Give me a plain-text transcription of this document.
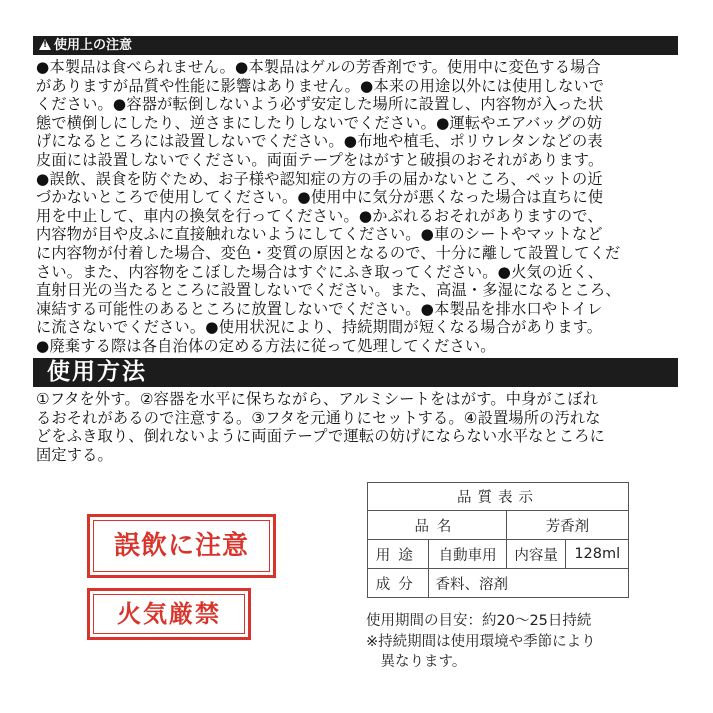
!使用上の注意

●本製品は食べられません。●本製品はゲルの芳香剤です。使用中に変色する場合
がありますが品質や性能に影響はありません。●本来の用途以外には使用しないで
ください。●容器が転倒しないよう必ず安定した場所に設置し、内容物が入った状
態で横倒しにしたり、逆さまにしたりしないでください。●運転やエアバッグの妨
げになるところには設置しないでください。●布地や植毛、ポリウレタンなどの表
皮面には設置しないでください。両面テープをはがすと破損のおそれがあります。
●誤飲、誤食を防ぐため、お子様や認知症の方の手の届かないところ、ペットの近
づかないところで使用してください。●使用中に気分が悪くなった場合は直ちに使
用を中止して、車内の換気を行ってください。●かぶれるおそれがありますので、
内容物が目や皮ふに直接触れないようにしてください。●車のシートやマットなど
に内容物が付着した場合、変色・変質の原因となるので、十分に離して設置してくだ
さい。また、内容物をこぼした場合はすぐにふき取ってください。●火気の近く、
直射日光の当たるところに設置しないでください。また、高温・多湿になるところ、
凍結する可能性のあるところに放置しないでください。●本製品を排水口やトイレ
に流さないでください。●使用状況により、持続期間が短くなる場合があります。
●廃棄する際は各自治体の定める方法に従って処理してください。

使用方法

①フタを外す。②容器を水平に保ちながら、アルミシートをはがす。中身がこぼれ
るおそれがあるので注意する。③フタを元通りにセットする。④設置場所の汚れな
どをふき取り、倒れないように両面テープで運転の妨げにならない水平なところに
固定する。

誤飲に注意
火気厳禁
品質表示			
品名		芳香剤	
用途	自動車用	内容量	128ml
成分	香料、溶剤		
使用期間の目安：約20〜25日持続
※持続期間は使用環境や季節により
　異なります。
